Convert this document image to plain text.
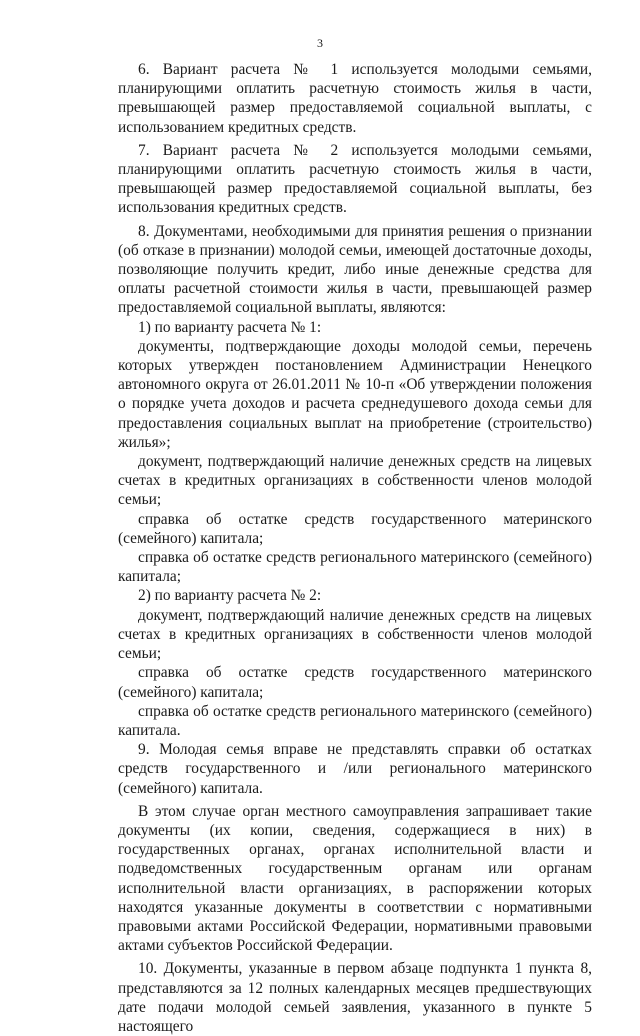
3

6. Вариант расчета № 1 используется молодыми семьями, планирующими оплатить расчетную стоимость жилья в части, превышающей размер предоставляемой социальной выплаты, с использованием кредитных средств.

7. Вариант расчета № 2 используется молодыми семьями, планирующими оплатить расчетную стоимость жилья в части, превышающей размер предоставляемой социальной выплаты, без использования кредитных средств.

8. Документами, необходимыми для принятия решения о признании (об отказе в признании) молодой семьи, имеющей достаточные доходы, позволяющие получить кредит, либо иные денежные средства для оплаты расчетной стоимости жилья в части, превышающей размер предоставляемой социальной выплаты, являются:

1) по варианту расчета № 1:

документы, подтверждающие доходы молодой семьи, перечень которых утвержден постановлением Администрации Ненецкого автономного округа от 26.01.2011 № 10-п «Об утверждении положения о порядке учета доходов и расчета среднедушевого дохода семьи для предоставления социальных выплат на приобретение (строительство) жилья»;

документ, подтверждающий наличие денежных средств на лицевых счетах в кредитных организациях в собственности членов молодой семьи;

справка об остатке средств государственного материнского (семейного) капитала;

справка об остатке средств регионального материнского (семейного) капитала;

2) по варианту расчета № 2:

документ, подтверждающий наличие денежных средств на лицевых счетах в кредитных организациях в собственности членов молодой семьи;

справка об остатке средств государственного материнского (семейного) капитала;

справка об остатке средств регионального материнского (семейного) капитала.

9. Молодая семья вправе не представлять справки об остатках средств государственного и /или регионального материнского (семейного) капитала.

В этом случае орган местного самоуправления запрашивает такие документы (их копии, сведения, содержащиеся в них) в государственных органах, органах исполнительной власти и подведомственных государственным органам или органам исполнительной власти организациях, в распоряжении которых находятся указанные документы в соответствии с нормативными правовыми актами Российской Федерации, нормативными правовыми актами субъектов Российской Федерации.

10. Документы, указанные в первом абзаце подпункта 1 пункта 8, представляются за 12 полных календарных месяцев предшествующих дате подачи молодой семьей заявления, указанного в пункте 5 настоящего
